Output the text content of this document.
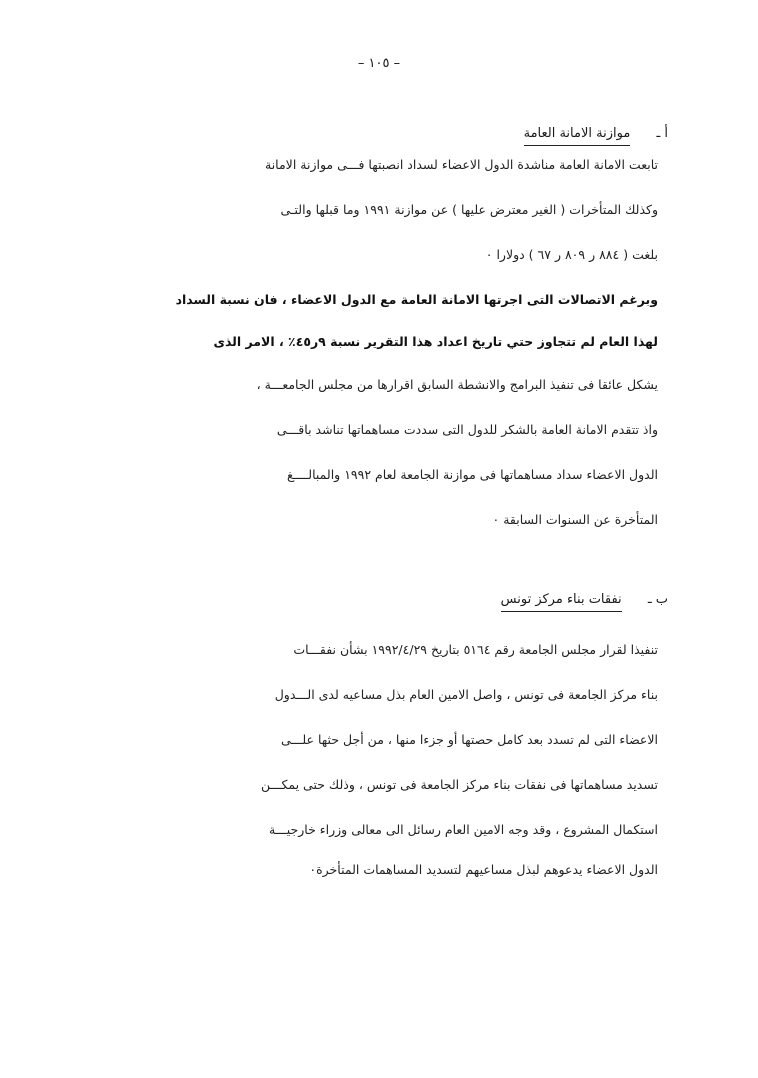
– ١٠٥ –
أ ـ موازنة الامانة العامة
تابعت الامانة العامة مناشدة الدول الاعضاء لسداد انصبتها فـــى موازنة الامانة
وكذلك المتأخرات ( الغير معترض عليها ) عن موازنة ١٩٩١ وما قبلها والتـى
بلغت ( ٨٨٤ ر ٨٠٩ ر ٦٧ ) دولارا ٠
وبرغم الاتصالات التى اجرتها الامانة العامة مع الدول الاعضاء ، فان نسبة السداد
لهذا العام لم تتجاوز حتي تاريخ اعداد هذا التقرير نسبة ٩ر٤٥٪ ، الامر الذى
يشكل عائقا فى تنفيذ البرامج والانشطة السابق اقرارها من مجلس الجامعـــة ،
واذ تتقدم الامانة العامة بالشكر للدول التى سددت مساهماتها تناشد باقـــى
الدول الاعضاء سداد مساهماتها فى موازنة الجامعة لعام ١٩٩٢ والمبالــــغ
المتأخرة عن السنوات السابقة ٠
ب ـ نفقات بناء مركز تونس
تنفيذا لقرار مجلس الجامعة رقم ٥١٦٤ بتاريخ ١٩٩٢/٤/٢٩ بشأن نفقـــات
بناء مركز الجامعة فى تونس ، واصل الامين العام بذل مساعيه لدى الـــدول
الاعضاء التى لم تسدد بعد كامل حصتها أو جزءا منها ، من أجل حثها علـــى
تسديد مساهماتها فى نفقات بناء مركز الجامعة فى تونس ، وذلك حتى يمكـــن
استكمال المشروع ، وقد وجه الامين العام رسائل الى معالى وزراء خارجيـــة
الدول الاعضاء يدعوهم لبذل مساعيهم لتسديد المساهمات المتأخرة٠
